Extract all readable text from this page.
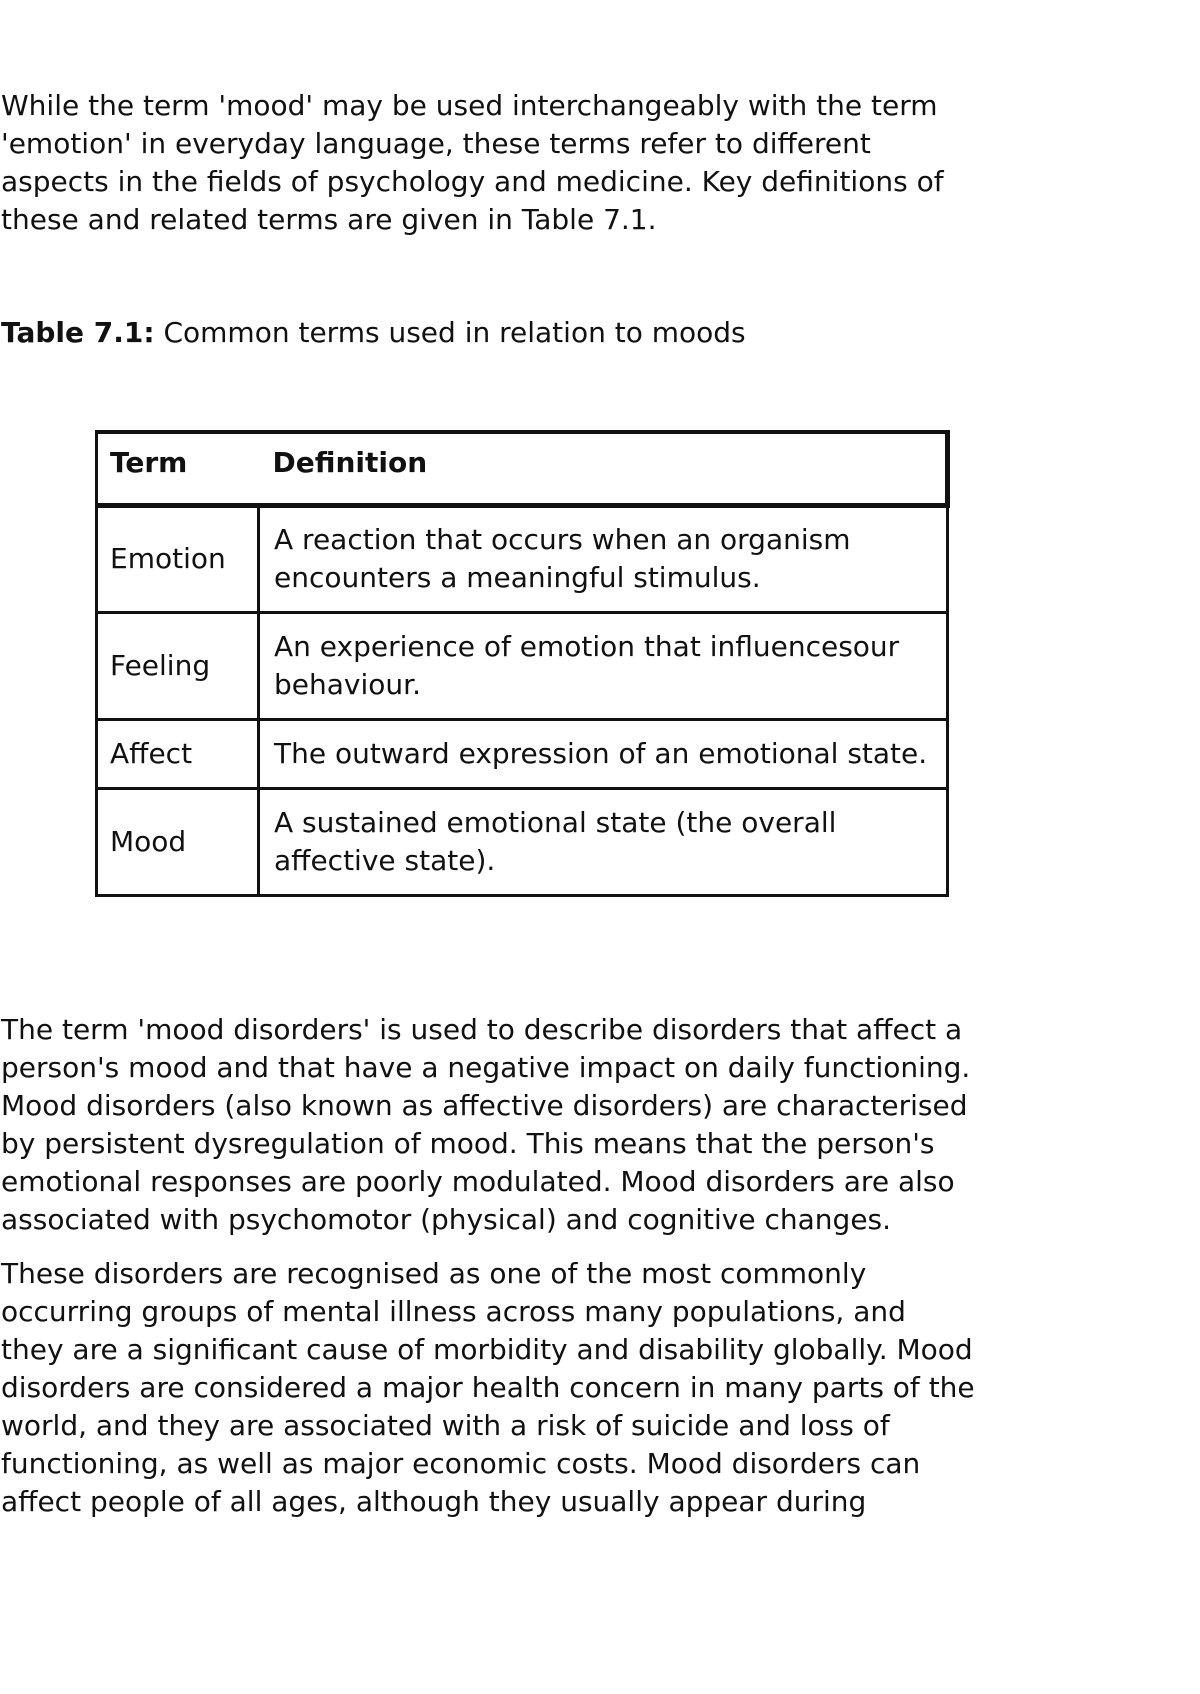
While the term 'mood' may be used interchangeably with the term
'emotion' in everyday language, these terms refer to different
aspects in the fields of psychology and medicine. Key definitions of
these and related terms are given in Table 7.1.

Table 7.1: Common terms used in relation to moods

Term	Definition
Emotion	A reaction that occurs when an organism
encounters a meaningful stimulus.
Feeling	An experience of emotion that influencesour
behaviour.
Affect	The outward expression of an emotional state.
Mood	A sustained emotional state (the overall
affective state).

The term 'mood disorders' is used to describe disorders that affect a
person's mood and that have a negative impact on daily functioning.
Mood disorders (also known as affective disorders) are characterised
by persistent dysregulation of mood. This means that the person's
emotional responses are poorly modulated. Mood disorders are also
associated with psychomotor (physical) and cognitive changes.

These disorders are recognised as one of the most commonly
occurring groups of mental illness across many populations, and
they are a significant cause of morbidity and disability globally. Mood
disorders are considered a major health concern in many parts of the
world, and they are associated with a risk of suicide and loss of
functioning, as well as major economic costs. Mood disorders can
affect people of all ages, although they usually appear during
